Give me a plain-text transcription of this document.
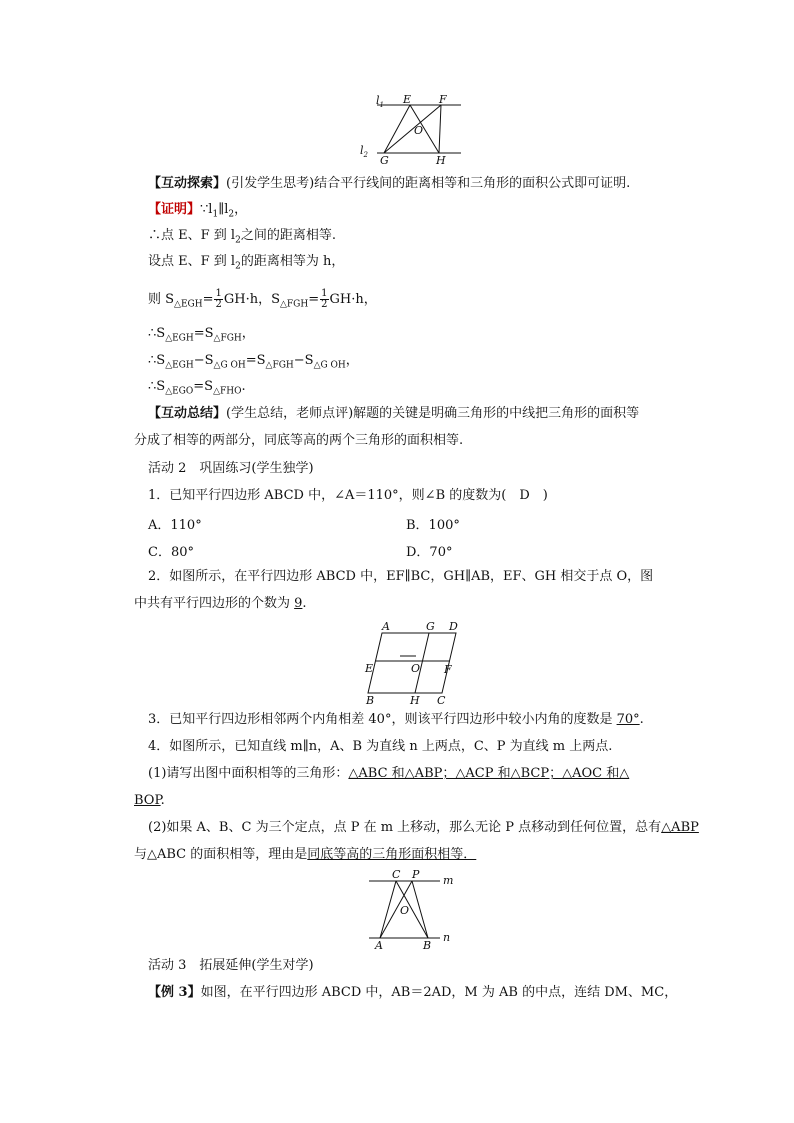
$l_1$
$l_2$
E	F
O
G	H
【互动探索】(引发学生思考)结合平行线间的距离相等和三角形的面积公式即可证明.
【证明】$\because l_1\parallel l_2$，
∴点 E、F 到 $l_2$之间的距离相等.
设点 E、F 到 $l_2$的距离相等为 h，
则 $S_{\triangle EGH}= \frac{1}{2} GH\cdot h$，$S_{\triangle FGH}= \frac{1}{2} GH\cdot h$，
$\therefore S_{\triangle EGH}=S_{\triangle FGH}$，
$\therefore S_{\triangle EGH}-S_{\triangle G OH}=S_{\triangle FGH}-S_{\triangle G OH}$，
$\therefore S_{\triangle EGO}=S_{\triangle FHO}$.
【互动总结】(学生总结，老师点评)解题的关键是明确三角形的中线把三角形的面积等
分成了相等的两部分，同底等高的两个三角形的面积相等.
活动 2　巩固练习(学生独学)
1．已知平行四边形 ABCD 中，∠A＝110°，则∠B 的度数为(　D　)
A．110°	B．100°
C．80°	D．70°
2．如图所示，在平行四边形 ABCD 中，EF∥BC，GH∥AB，EF、GH 相交于点 O，图
中共有平行四边形的个数为 9.
A	G D
E	O F
B	H C
3．已知平行四边形相邻两个内角相差 40°，则该平行四边形中较小内角的度数是 70°.
4．如图所示，已知直线 m∥n，A、B 为直线 n 上两点，C、P 为直线 m 上两点.
(1)请写出图中面积相等的三角形：△ABC 和△ABP；△ACP 和△BCP；△AOC 和△
BOP.
(2)如果 A、B、C 为三个定点，点 P 在 m 上移动，那么无论 P 点移动到任何位置，总有△ABP
与△ABC 的面积相等，理由是同底等高的三角形面积相等．
C P m
O
A	B
n
活动 3　拓展延伸(学生对学)
【例 3】如图，在平行四边形 ABCD 中，AB＝2AD，M 为 AB 的中点，连结 DM、MC，
